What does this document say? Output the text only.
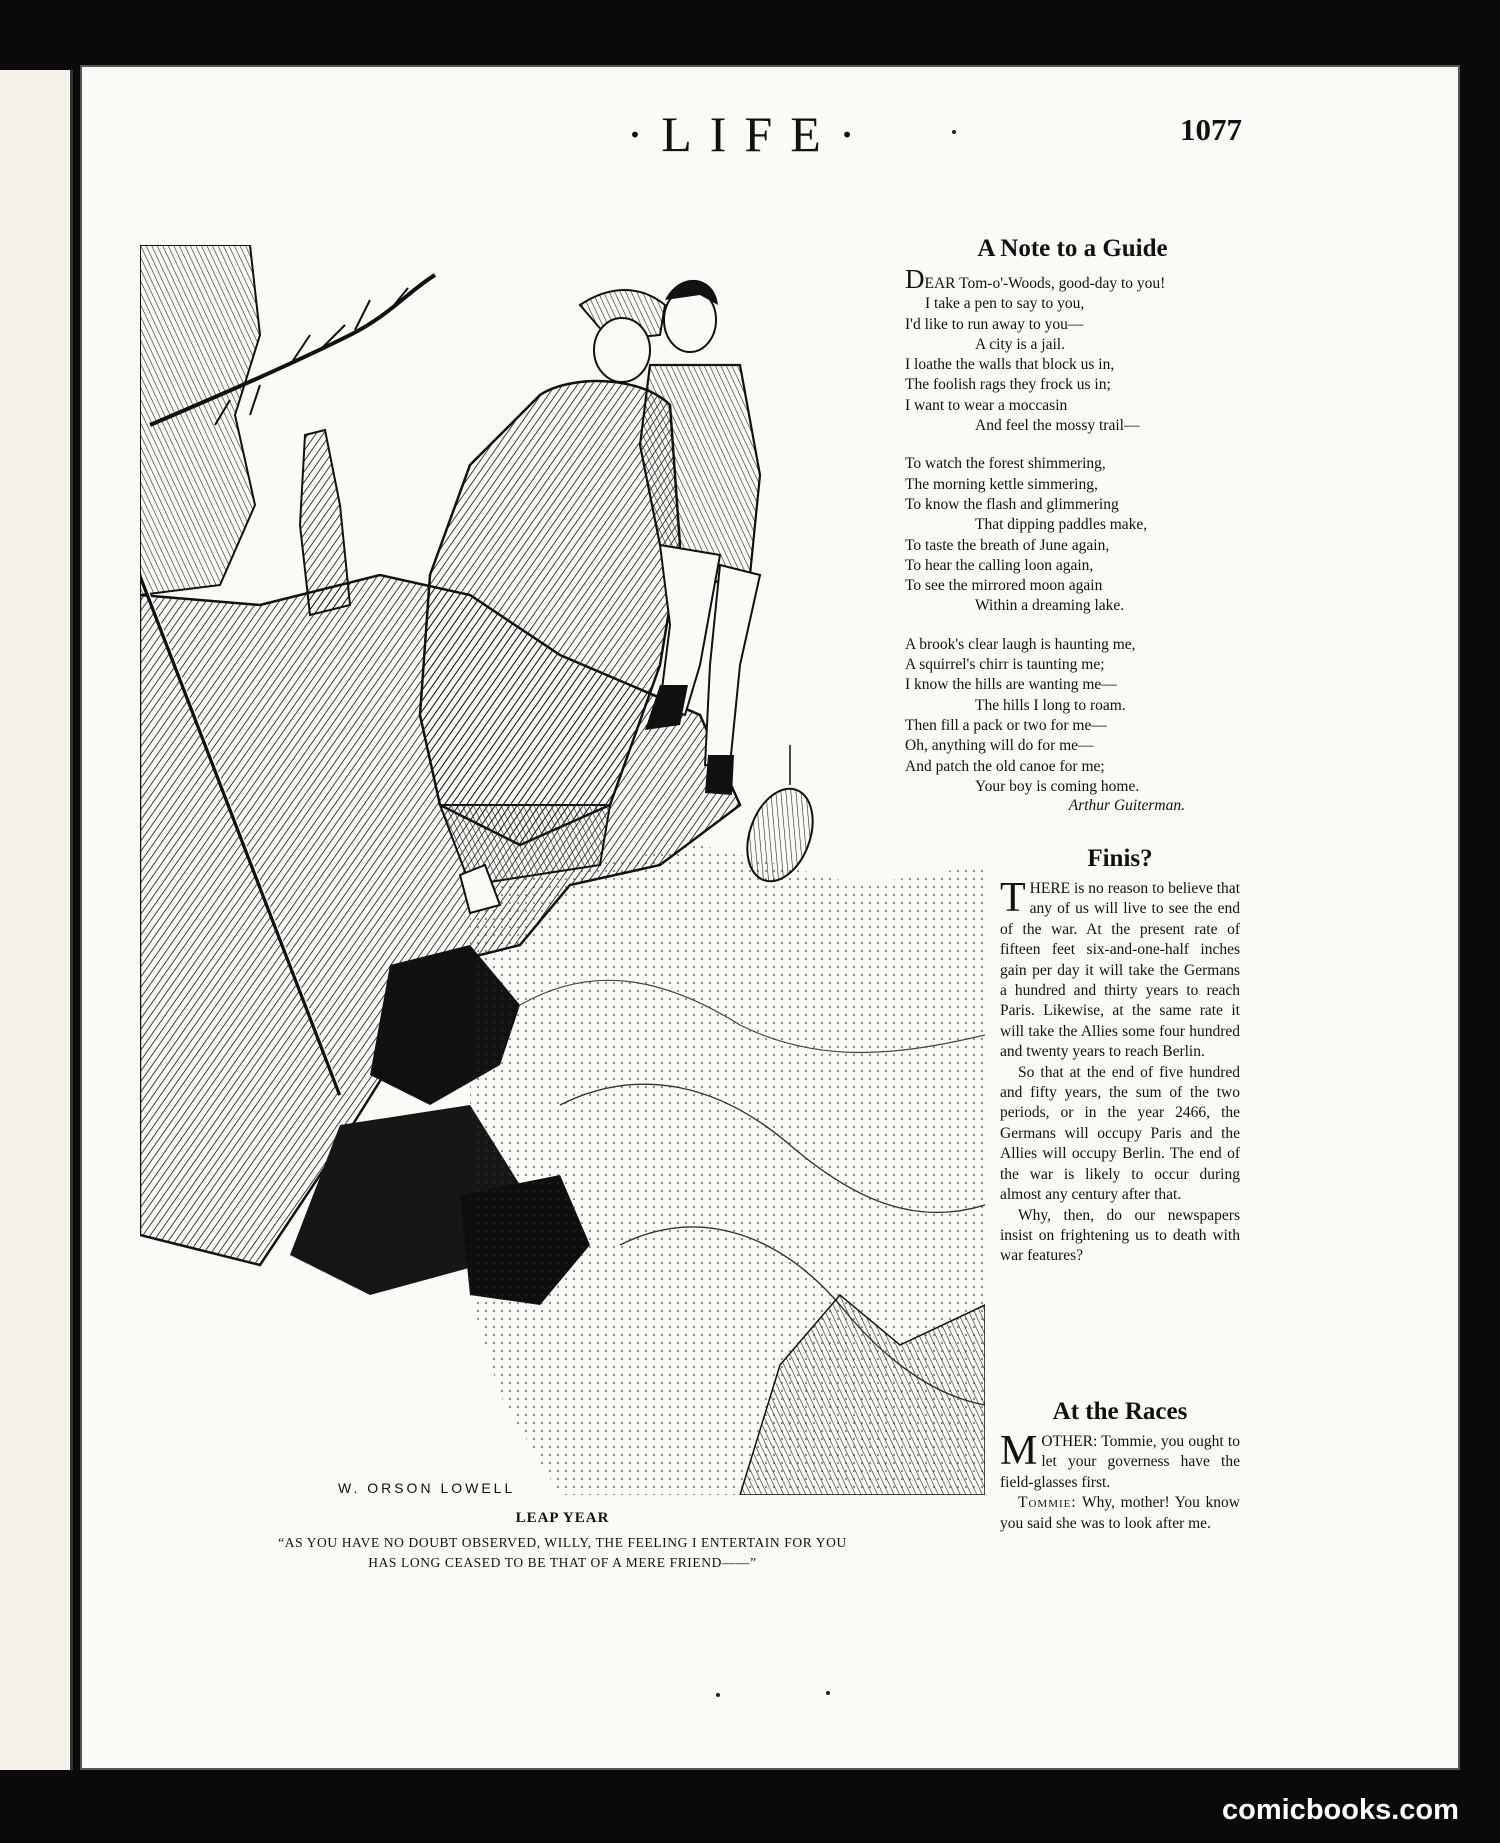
·LIFE·	1077
W. ORSON LOWELL
LEAP YEAR
“AS YOU HAVE NO DOUBT OBSERVED, WILLY, THE FEELING I ENTERTAIN FOR YOU
HAS LONG CEASED TO BE THAT OF A MERE FRIEND——”
A Note to a Guide
DEAR Tom-o'-Woods, good-day to you!
I take a pen to say to you,
I'd like to run away to you—
A city is a jail.
I loathe the walls that block us in,
The foolish rags they frock us in;
I want to wear a moccasin
And feel the mossy trail—
To watch the forest shimmering,
The morning kettle simmering,
To know the flash and glimmering
That dipping paddles make,
To taste the breath of June again,
To hear the calling loon again,
To see the mirrored moon again
Within a dreaming lake.
A brook's clear laugh is haunting me,
A squirrel's chirr is taunting me;
I know the hills are wanting me—
The hills I long to roam.
Then fill a pack or two for me—
Oh, anything will do for me—
And patch the old canoe for me;
Your boy is coming home.
Arthur Guiterman.
Finis?

THERE is no reason to believe that any of us will live to see the end of the war. At the present rate of fifteen feet six-and-one-half inches gain per day it will take the Germans a hundred and thirty years to reach Paris. Likewise, at the same rate it will take the Allies some four hundred and twenty years to reach Berlin.

So that at the end of five hundred and fifty years, the sum of the two periods, or in the year 2466, the Germans will occupy Paris and the Allies will occupy Berlin. The end of the war is likely to occur during almost any century after that.

Why, then, do our newspapers insist on frightening us to death with war features?

At the Races

MOTHER: Tommie, you ought to let your governess have the field-glasses first.

Tommie: Why, mother! You know you said she was to look after me.

comicbooks.com
